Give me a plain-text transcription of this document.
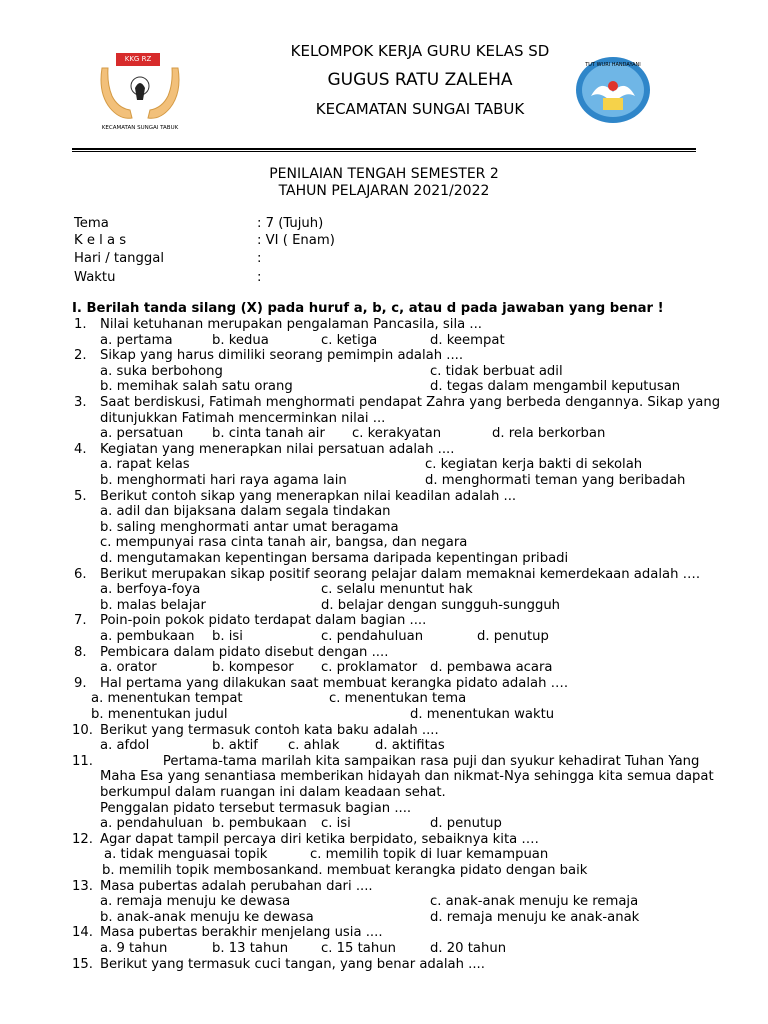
KKG RZ
KECAMATAN SUNGAI TABUK
KELOMPOK KERJA GURU KELAS SD
GUGUS RATU ZALEHA
KECAMATAN SUNGAI TABUK
TUT WURI HANDAYANI
PENILAIAN TENGAH SEMESTER 2
TAHUN PELAJARAN 2021/2022
Tema	: 7 (Tujuh)
K e l a s	: VI ( Enam)
Hari / tanggal	:
Waktu	:
I. Berilah tanda silang (X) pada huruf a, b, c, atau d pada jawaban yang benar !
1. Nilai ketuhanan merupakan pengalaman Pancasila, sila ...
a. pertama	b. kedua	c. ketiga	d. keempat
2. Sikap yang harus dimiliki seorang pemimpin adalah ....
a. suka berbohong	c. tidak berbuat adil
b. memihak salah satu orang	d. tegas dalam mengambil keputusan
3. Saat berdiskusi, Fatimah menghormati pendapat Zahra yang berbeda dengannya. Sikap yang
ditunjukkan Fatimah mencerminkan nilai ...
a. persatuan b. cinta tanah air c. kerakyatan	d. rela berkorban
4. Kegiatan yang menerapkan nilai persatuan adalah ....
a. rapat kelas	c. kegiatan kerja bakti di sekolah
b. menghormati hari raya agama lain	d. menghormati teman yang beribadah
5. Berikut contoh sikap yang menerapkan nilai keadilan adalah ...
a. adil dan bijaksana dalam segala tindakan
b. saling menghormati antar umat beragama
c. mempunyai rasa cinta tanah air, bangsa, dan negara
d. mengutamakan kepentingan bersama daripada kepentingan pribadi
6. Berikut merupakan sikap positif seorang pelajar dalam memaknai kemerdekaan adalah ….
a. berfoya-foya	c. selalu menuntut hak
b. malas belajar	d. belajar dengan sungguh-sungguh
7. Poin-poin pokok pidato terdapat dalam bagian ....
a. pembukaan b. isi	c. pendahuluan	d. penutup
8. Pembicara dalam pidato disebut dengan ....
a. orator	b. kompesor c. proklamator d. pembawa acara
9. Hal pertama yang dilakukan saat membuat kerangka pidato adalah ….
a. menentukan tempat	c. menentukan tema
b. menentukan judul	d. menentukan waktu
10. Berikut yang termasuk contoh kata baku adalah ....
a. afdol	b. aktif c. ahlak	d. aktifitas
11. Pertama-tama marilah kita sampaikan rasa puji dan syukur kehadirat Tuhan Yang
Maha Esa yang senantiasa memberikan hidayah dan nikmat-Nya sehingga kita semua dapat
berkumpul dalam ruangan ini dalam keadaan sehat.
Penggalan pidato tersebut termasuk bagian ....
a. pendahuluan b. pembukaan c. isi	d. penutup
12. Agar dapat tampil percaya diri ketika berpidato, sebaiknya kita ….
a. tidak menguasai topik	c. memilih topik di luar kemampuan
b. memilih topik membosankan d. membuat kerangka pidato dengan baik
13. Masa pubertas adalah perubahan dari ....
a. remaja menuju ke dewasa	c. anak-anak menuju ke remaja
b. anak-anak menuju ke dewasa	d. remaja menuju ke anak-anak
14. Masa pubertas berakhir menjelang usia ....
a. 9 tahun	b. 13 tahun c. 15 tahun	d. 20 tahun
15. Berikut yang termasuk cuci tangan, yang benar adalah ....
